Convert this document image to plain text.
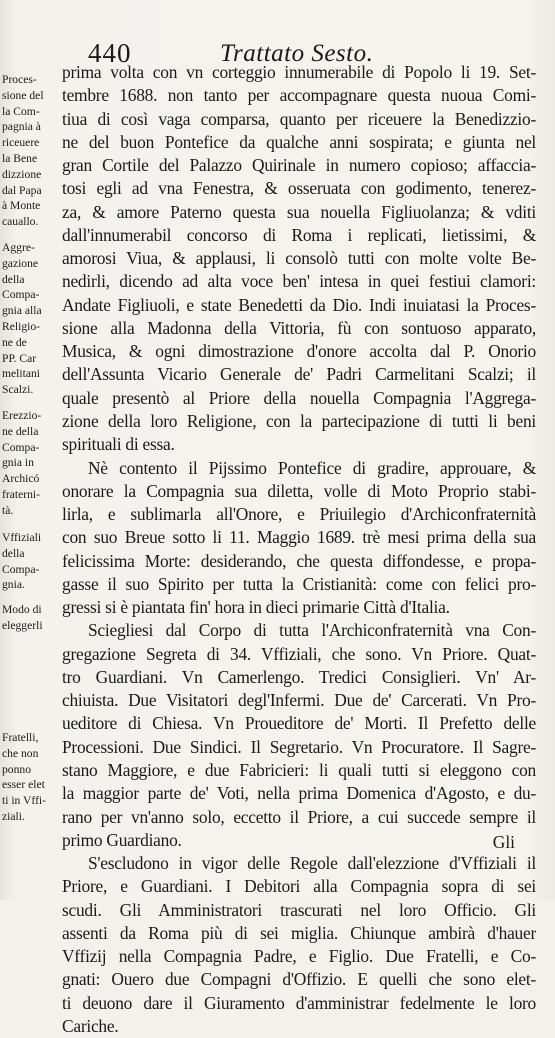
440	Trattato Sesto.
Proces-
sione del
la Com-
pagnia à
riceuere
la Bene
dizzione
dal Papa
à Monte
cauallo.
Aggre-
gazione
della
Compa-
gnia alla
Religio-
ne de
PP. Car
melitani
Scalzi.
Erezzio-
ne della
Compa-
gnia in
Archicó
fraterni-
tà.
Vffiziali
della
Compa-
gnia.
Modo di
eleggerli
Fratelli,
che non
ponno
esser elet
ti in Vffi-
ziali.
prima volta con vn corteggio innumerabile di Popolo li 19. Set-
tembre 1688. non tanto per accompagnare questa nuoua Comi-
tiua di così vaga comparsa, quanto per riceuere la Benedizzio-
ne del buon Pontefice da qualche anni sospirata; e giunta nel
gran Cortile del Palazzo Quirinale in numero copioso; affaccia-
tosi egli ad vna Fenestra, & osseruata con godimento, tenerez-
za, & amore Paterno questa sua nouella Figliuolanza; & vditi
dall'innumerabil concorso di Roma i replicati, lietissimi, &
amorosi Viua, & applausi, li consolò tutti con molte volte Be-
nedirli, dicendo ad alta voce ben' intesa in quei festiui clamori:
Andate Figliuoli, e state Benedetti da Dio. Indi inuiatasi la Proces-
sione alla Madonna della Vittoria, fù con sontuoso apparato,
Musica, & ogni dimostrazione d'onore accolta dal P. Onorio
dell'Assunta Vicario Generale de' Padri Carmelitani Scalzi; il
quale presentò al Priore della nouella Compagnia l'Aggrega-
zione della loro Religione, con la partecipazione di tutti li beni
spirituali di essa.
Nè contento il Pijssimo Pontefice di gradire, approuare, &
onorare la Compagnia sua diletta, volle di Moto Proprio stabi-
lirla, e sublimarla all'Onore, e Priuilegio d'Archiconfraternità
con suo Breue sotto li 11. Maggio 1689. trè mesi prima della sua
felicissima Morte: desiderando, che questa diffondesse, e propa-
gasse il suo Spirito per tutta la Cristianità: come con felici pro-
gressi si è piantata fin' hora in dieci primarie Città d'Italia.
Sciegliesi dal Corpo di tutta l'Archiconfraternità vna Con-
gregazione Segreta di 34. Vffiziali, che sono. Vn Priore. Quat-
tro Guardiani. Vn Camerlengo. Tredici Consiglieri. Vn' Ar-
chiuista. Due Visitatori degl'Infermi. Due de' Carcerati. Vn Pro-
ueditore di Chiesa. Vn Proueditore de' Morti. Il Prefetto delle
Processioni. Due Sindici. Il Segretario. Vn Procuratore. Il Sagre-
stano Maggiore, e due Fabricieri: li quali tutti si eleggono con
la maggior parte de' Voti, nella prima Domenica d'Agosto, e du-
rano per vn'anno solo, eccetto il Priore, a cui succede sempre il
primo Guardiano.
S'escludono in vigor delle Regole dall'elezzione d'Vffiziali il
Priore, e Guardiani. I Debitori alla Compagnia sopra di sei
scudi. Gli Amministratori trascurati nel loro Officio. Gli
assenti da Roma più di sei miglia. Chiunque ambirà d'hauer
Vffizij nella Compagnia Padre, e Figlio. Due Fratelli, e Co-
gnati: Ouero due Compagni d'Offizio. E quelli che sono elet-
ti deuono dare il Giuramento d'amministrar fedelmente le loro
Cariche.
Gli
